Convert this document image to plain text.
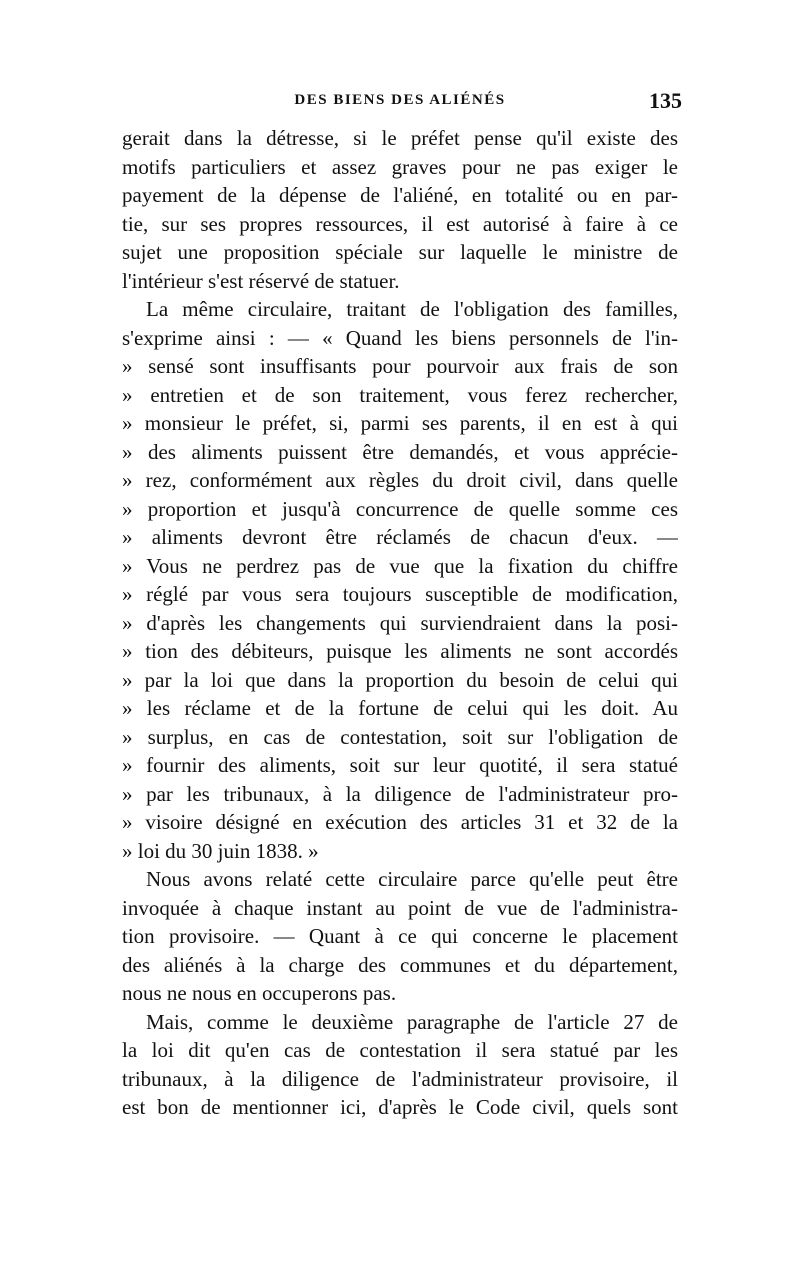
DES BIENS DES ALIÉNÉS	135
gerait dans la détresse, si le préfet pense qu'il existe des
motifs particuliers et assez graves pour ne pas exiger le
payement de la dépense de l'aliéné, en totalité ou en par-
tie, sur ses propres ressources, il est autorisé à faire à ce
sujet une proposition spéciale sur laquelle le ministre de
l'intérieur s'est réservé de statuer.
La même circulaire, traitant de l'obligation des familles,
s'exprime ainsi : — « Quand les biens personnels de l'in-
» sensé sont insuffisants pour pourvoir aux frais de son
» entretien et de son traitement, vous ferez rechercher,
» monsieur le préfet, si, parmi ses parents, il en est à qui
» des aliments puissent être demandés, et vous apprécie-
» rez, conformément aux règles du droit civil, dans quelle
» proportion et jusqu'à concurrence de quelle somme ces
» aliments devront être réclamés de chacun d'eux. —
» Vous ne perdrez pas de vue que la fixation du chiffre
» réglé par vous sera toujours susceptible de modification,
» d'après les changements qui surviendraient dans la posi-
» tion des débiteurs, puisque les aliments ne sont accordés
» par la loi que dans la proportion du besoin de celui qui
» les réclame et de la fortune de celui qui les doit. Au
» surplus, en cas de contestation, soit sur l'obligation de
» fournir des aliments, soit sur leur quotité, il sera statué
» par les tribunaux, à la diligence de l'administrateur pro-
» visoire désigné en exécution des articles 31 et 32 de la
» loi du 30 juin 1838. »
Nous avons relaté cette circulaire parce qu'elle peut être
invoquée à chaque instant au point de vue de l'administra-
tion provisoire. — Quant à ce qui concerne le placement
des aliénés à la charge des communes et du département,
nous ne nous en occuperons pas.
Mais, comme le deuxième paragraphe de l'article 27 de
la loi dit qu'en cas de contestation il sera statué par les
tribunaux, à la diligence de l'administrateur provisoire, il
est bon de mentionner ici, d'après le Code civil, quels sont
